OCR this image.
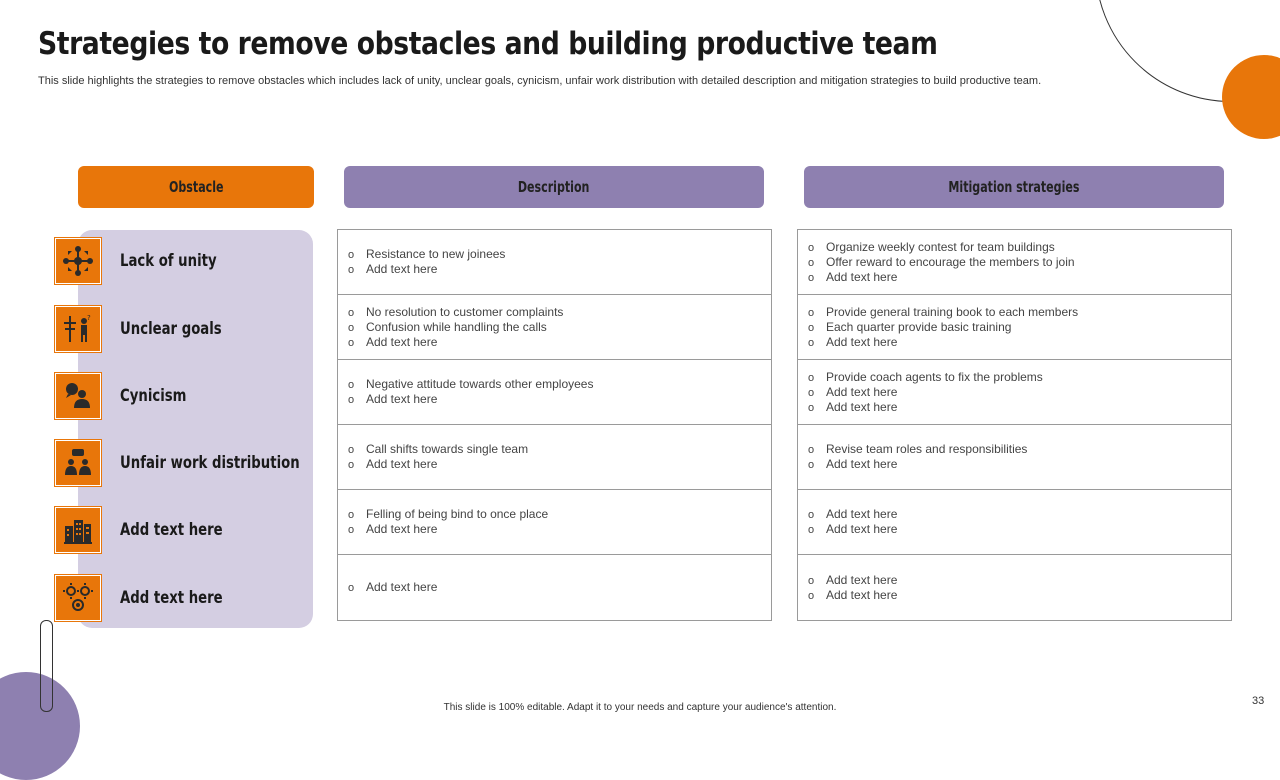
Strategies to remove obstacles and building productive team
This slide highlights the strategies to remove obstacles which includes lack of unity, unclear goals, cynicism, unfair work distribution with detailed description and mitigation strategies to build productive team.
Obstacle	Description	Mitigation strategies
Lack of unity
?
Unclear goals
Cynicism
Unfair work distribution
Add text here
Add text here
o Resistance to new joinees
o Add text here
o No resolution to customer complaints
o Confusion while handling the calls
o Add text here
o Negative attitude towards other employees
o Add text here
o Call shifts towards single team
o Add text here
o Felling of being bind to once place
o Add text here
o Add text here
o Organize weekly contest for team buildings
o Offer reward to encourage the members to join
o Add text here
o Provide general training book to each members
o Each quarter provide basic training
o Add text here
o Provide coach agents to fix the problems
o Add text here
o Add text here
o Revise team roles and responsibilities
o Add text here
o Add text here
o Add text here
o Add text here
o Add text here
This slide is 100% editable. Adapt it to your needs and capture your audience's attention.
33
